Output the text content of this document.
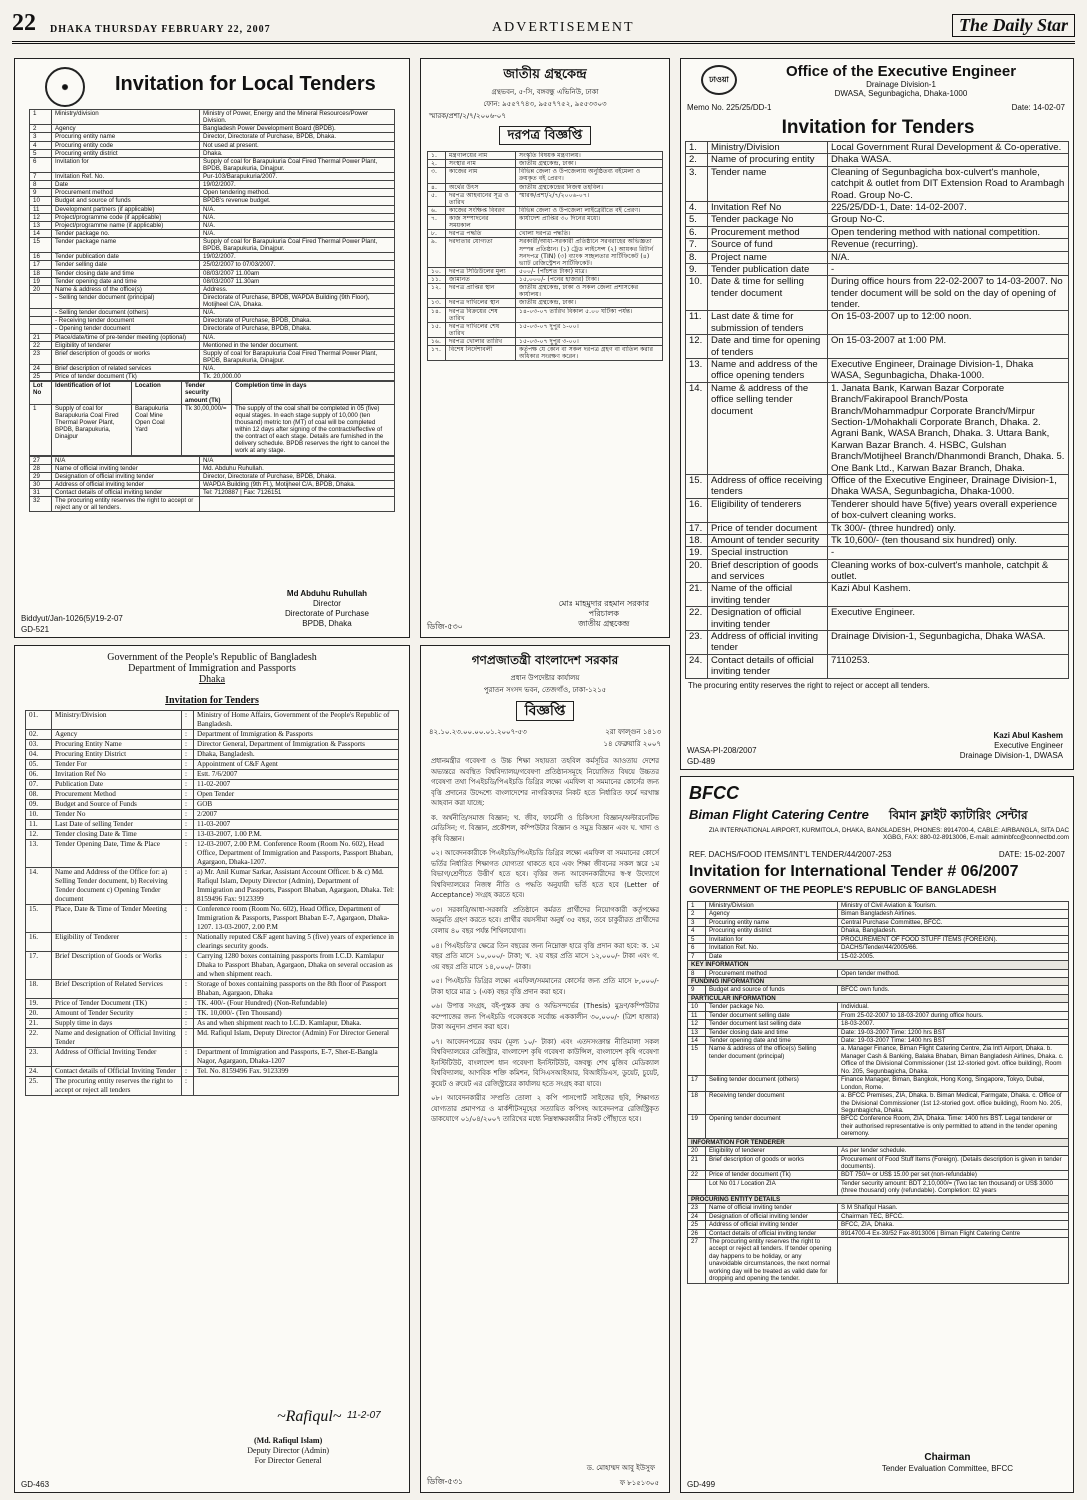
22 DHAKA THURSDAY FEBRUARY 22, 2007	ADVERTISEMENT	The Daily Star
✺	Invitation for Local Tenders
1	Ministry/division	Ministry of Power, Energy and the Mineral Resources/Power Division.
2	Agency	Bangladesh Power Development Board (BPDB).
3	Procuring entity name	Director, Directorate of Purchase, BPDB, Dhaka.
4	Procuring entity code	Not used at present.
5	Procuring entity district	Dhaka.
6	Invitation for	Supply of coal for Barapukuria Coal Fired Thermal Power Plant, BPDB, Barapukuria, Dinajpur.
7	Invitation Ref. No.	Pur-103/Barapukuria/2007.
8	Date	19/02/2007.
9	Procurement method	Open tendering method.
10	Budget and source of funds	BPDB's revenue budget.
11	Development partners (if applicable)	N/A.
12	Project/programme code (if applicable)	N/A.
13	Project/programme name (if applicable)	N/A.
14	Tender package no.	N/A.
15	Tender package name	Supply of coal for Barapukuria Coal Fired Thermal Power Plant, BPDB, Barapukuria, Dinajpur.
16	Tender publication date	19/02/2007.
17	Tender selling date	25/02/2007 to 07/03/2007.
18	Tender closing date and time	08/03/2007 11.00am
19	Tender opening date and time	08/03/2007 11.30am
20	Name & address of the office(s)	Address.
	- Selling tender document (principal)	Directorate of Purchase, BPDB, WAPDA Building (9th Floor), Motijheel C/A, Dhaka.
	- Selling tender document (others)	N/A.
	- Receiving tender document	Directorate of Purchase, BPDB, Dhaka.
	- Opening tender document	Directorate of Purchase, BPDB, Dhaka.
21	Place/date/time of pre-tender meeting (optional)	N/A.
22	Eligibility of tenderer	Mentioned in the tender document.
23	Brief description of goods or works	Supply of coal for Barapukuria Coal Fired Thermal Power Plant, BPDB, Barapukuria, Dinajpur.
24	Brief description of related services	N/A.
25	Price of tender document (Tk)	Tk. 20,000.00
Lot No	Identification of lot	Location	Tender security amount (Tk)	Completion time in days
1	Supply of coal for Barapukuria Coal Fired Thermal Power Plant, BPDB, Barapukuria, Dinajpur	Barapukuria Coal Mine Open Coal Yard	Tk 30,00,000/=	The supply of the coal shall be completed in 05 (five) equal stages. In each stage supply of 10,000 (ten thousand) metric ton (MT) of coal will be completed within 12 days after signing of the contract/effective of the contract of each stage. Details are furnished in the delivery schedule. BPDB reserves the right to cancel the work at any stage.
27	N/A	N/A
28	Name of official inviting tender	Md. Abduhu Ruhullah.
29	Designation of official inviting tender	Director, Directorate of Purchase, BPDB, Dhaka.
30	Address of official inviting tender	WAPDA Building (9th Fl.), Motijheel C/A, BPDB, Dhaka.
31	Contact details of official inviting tender	Tel: 7120887 | Fax: 7126151
32	The procuring entity reserves the right to accept or reject any or all tenders.	
Md Abduhu Ruhullah
Director
Directorate of Purchase
BPDB, Dhaka
Biddyut/Jan-1026(5)/19-2-07
GD-521
জাতীয় গ্রন্থকেন্দ্র
গ্রন্থভবন, ৫-সি, বঙ্গবন্ধু এভিনিউ, ঢাকা
ফোন: ৯৫৫৭৭৪৩, ৯৫৫৭৭৫২, ৯৫৫৩৩০৩
স্মারক/প্রশা/২/৭/২০০৬-০৭
দরপত্র বিজ্ঞপ্তি
১.	মন্ত্রণালয়ের নাম	সংস্কৃতি বিষয়ক মন্ত্রণালয়।
২.	সংস্থার নাম	জাতীয় গ্রন্থকেন্দ্র, ঢাকা।
৩.	কাজের নাম	বিভিন্ন জেলা ও উপজেলায় অনুষ্ঠিতব্য বইমেলা ও ক্রয়কৃত বই প্রেরণ।
৪.	অর্থের উৎস	জাতীয় গ্রন্থকেন্দ্রের নিজস্ব তহবিল।
৫.	দরপত্র আহবানের সূত্র ও তারিখ	স্মারক/প্রশা/২/৭/২০০৬-০৭।
৬.	কাজের সংক্ষিপ্ত বিবরণ	বিভিন্ন জেলা ও উপজেলা লাইব্রেরীতে বই প্রেরণ।
৭.	কাজ সম্পাদনের সময়কাল	কার্যাদেশ প্রাপ্তির ৩০ দিনের মধ্যে।
৮.	দরপত্র পদ্ধতি	খোলা দরপত্র পদ্ধতি।
৯.	দরদাতার যোগ্যতা	সরকারী/আধা-সরকারী প্রতিষ্ঠানে সরবরাহের অভিজ্ঞতা সম্পন্ন প্রতিষ্ঠান। (১) ট্রেড লাইসেন্স (২) আয়কর রিটার্ন সনদপত্র (TIN) (৩) ব্যাংক সচ্ছলতার সার্টিফিকেট (৪) ভ্যাট রেজিস্ট্রেশন সার্টিফিকেট।
১০.	দরপত্র সিডিউলের মূল্য	৫০০/- (পাঁচশত টাকা) মাত্র।
১১.	জামানত	১৫,০০০/- (পনের হাজার) টাকা।
১২.	দরপত্র প্রাপ্তির স্থান	জাতীয় গ্রন্থকেন্দ্র, ঢাকা ও সকল জেলা প্রশাসকের কার্যালয়।
১৩.	দরপত্র দাখিলের স্থান	জাতীয় গ্রন্থকেন্দ্র, ঢাকা।
১৪.	দরপত্র বিক্রয়ের শেষ তারিখ	১৪-০৩-০৭ তারিখ বিকাল ৫.০০ ঘটিকা পর্যন্ত।
১৫.	দরপত্র দাখিলের শেষ তারিখ	১৫-০৩-০৭ দুপুর ১-০০।
১৬.	দরপত্র খোলার তারিখ	১৫-০৩-০৭ দুপুর ৩-০০।
১৭.	বিশেষ নির্দেশাবলী	কর্তৃপক্ষ যে কোন বা সকল দরপত্র গ্রহণ বা বাতিল করার অধিকার সংরক্ষণ করেন।
মোঃ মাহমুদার রহমান সরকার
পরিচালক
জাতীয় গ্রন্থকেন্দ্র
ডিজি-৫৩০
ঢাওয়া	Office of the Executive Engineer
Drainage Division-1
DWASA, Segunbagicha, Dhaka-1000
Memo No. 225/25/DD-1	Date: 14-02-07
Invitation for Tenders
1.	Ministry/Division	Local Government Rural Development & Co-operative.
2.	Name of procuring entity	Dhaka WASA.
3.	Tender name	Cleaning of Segunbagicha box-culvert's manhole, catchpit & outlet from DIT Extension Road to Arambagh Road. Group No-C.
4.	Invitation Ref No	225/25/DD-1, Date: 14-02-2007.
5.	Tender package No	Group No-C.
6.	Procurement method	Open tendering method with national competition.
7.	Source of fund	Revenue (recurring).
8.	Project name	N/A.
9.	Tender publication date	-
10.	Date & time for selling tender document	During office hours from 22-02-2007 to 14-03-2007. No tender document will be sold on the day of opening of tender.
11.	Last date & time for submission of tenders	On 15-03-2007 up to 12:00 noon.
12.	Date and time for opening of tenders	On 15-03-2007 at 1:00 PM.
13.	Name and address of the office opening tenders	Executive Engineer, Drainage Division-1, Dhaka WASA, Segunbagicha, Dhaka-1000.
14.	Name & address of the office selling tender document	1. Janata Bank, Karwan Bazar Corporate Branch/Fakirapool Branch/Posta Branch/Mohammadpur Corporate Branch/Mirpur Section-1/Mohakhali Corporate Branch, Dhaka. 2. Agrani Bank, WASA Branch, Dhaka. 3. Uttara Bank, Karwan Bazar Branch. 4. HSBC, Gulshan Branch/Motijheel Branch/Dhanmondi Branch, Dhaka. 5. One Bank Ltd., Karwan Bazar Branch, Dhaka.
15.	Address of office receiving tenders	Office of the Executive Engineer, Drainage Division-1, Dhaka WASA, Segunbagicha, Dhaka-1000.
16.	Eligibility of tenderers	Tenderer should have 5(five) years overall experience of box-culvert cleaning works.
17.	Price of tender document	Tk 300/- (three hundred) only.
18.	Amount of tender security	Tk 10,600/- (ten thousand six hundred) only.
19.	Special instruction	-
20.	Brief description of goods and services	Cleaning works of box-culvert's manhole, catchpit & outlet.
21.	Name of the official inviting tender	Kazi Abul Kashem.
22.	Designation of official inviting tender	Executive Engineer.
23.	Address of official inviting tender	Drainage Division-1, Segunbagicha, Dhaka WASA.
24.	Contact details of official inviting tender	7110253.
The procuring entity reserves the right to reject or accept all tenders.
Kazi Abul Kashem
Executive Engineer
Drainage Division-1, DWASA
WASA-PI-208/2007
GD-489
Government of the People's Republic of Bangladesh
Department of Immigration and Passports
Dhaka
Invitation for Tenders
01.	Ministry/Division	:	Ministry of Home Affairs, Government of the People's Republic of Bangladesh.
02.	Agency	:	Department of Immigration & Passports
03.	Procuring Entity Name	:	Director General, Department of Immigration & Passports
04.	Procuring Entity District	:	Dhaka, Bangladesh.
05.	Tender For	:	Appointment of C&F Agent
06.	Invitation Ref No	:	Estt. 7/6/2007
07.	Publication Date	:	11-02-2007
08.	Procurement Method	:	Open Tender
09.	Budget and Source of Funds	:	GOB
10.	Tender No	:	2/2007
11.	Last Date of selling Tender	:	11-03-2007
12.	Tender closing Date & Time	:	13-03-2007, 1.00 P.M.
13.	Tender Opening Date, Time & Place	:	12-03-2007, 2.00 P.M. Conference Room (Room No. 602), Head Office, Department of Immigration and Passports, Passport Bhaban, Agargaon, Dhaka-1207.
14.	Name and Address of the Office for: a) Selling Tender document, b) Receiving Tender document c) Opening Tender document	:	a) Mr. Anil Kumar Sarkar, Assistant Account Officer. b & c) Md. Rafiqul Islam, Deputy Director (Admin), Department of Immigration and Passports, Passport Bhaban, Agargaon, Dhaka. Tel: 8159496 Fax: 9123399
15.	Place, Date & Time of Tender Meeting	:	Conference room (Room No. 602), Head Office, Department of Immigration & Passports, Passport Bhaban E-7, Agargaon, Dhaka-1207. 13-03-2007, 2.00 P.M
16.	Eligibility of Tenderer	:	Nationally reputed C&F agent having 5 (five) years of experience in clearings security goods.
17.	Brief Description of Goods or Works	:	Carrying 1280 boxes containing passports from I.C.D. Kamlapur Dhaka to Passport Bhaban, Agargaon, Dhaka on several occasion as and when shipment reach.
18.	Brief Description of Related Services	:	Storage of boxes containing passports on the 8th floor of Passport Bhaban, Agargaon, Dhaka
19.	Price of Tender Document (TK)	:	TK. 400/- (Four Hundred) (Non-Refundable)
20.	Amount of Tender Security	:	TK. 10,000/- (Ten Thousand)
21.	Supply time in days	:	As and when shipment reach to I.C.D. Kamlapur, Dhaka.
22.	Name and designation of Official Inviting Tender	:	Md. Rafiqul Islam, Deputy Director (Admin) For Director General
23.	Address of Official Inviting Tender	:	Department of Immigration and Passports, E-7, Sher-E-Bangla Nagor, Agargaon, Dhaka-1207
24.	Contact details of Official Inviting Tender	:	Tel. No. 8159496 Fax. 9123399
25.	The procuring entity reserves the right to accept or reject all tenders	:	
~Rafiqul~ 11-2-07
(Md. Rafiqul Islam)
Deputy Director (Admin)
For Director General
GD-463
গণপ্রজাতন্ত্রী বাংলাদেশ সরকার
প্রধান উপদেষ্টার কার্যালয়
পুরাতন সংসদ ভবন, তেজগাঁও, ঢাকা-১২১৫
বিজ্ঞপ্তি
৪২.১০.২৩.০০.০০.০১.২০০৭-৫৩	২রা ফাল্গুন ১৪১৩
১৪ ফেব্রুয়ারি ২০০৭

প্রধানমন্ত্রীর গবেষণা ও উচ্চ শিক্ষা সহায়তা তহবিল কর্মসূচির আওতায় দেশের অভ্যন্তরে অবস্থিত বিশ্ববিদ্যালয়/গবেষণা প্রতিষ্ঠানসমূহে নিয়োজিত বিষয়ে উচ্চতর গবেষণা তথা পিএইচডি/পিএইচডি ডিগ্রির লক্ষ্যে এমফিল বা সমমানের কোর্সের জন্য বৃত্তি প্রদানের উদ্দেশ্যে বাংলাদেশের নাগরিকদের নিকট হতে নির্ধারিত ফর্মে দরখাস্ত আহবান করা যাচ্ছে:

ক. অর্থনীতি/সমাজ বিজ্ঞান; খ. জীব, ফার্মেসী ও চিকিৎসা বিজ্ঞান/অল্টারনেটিভ মেডিসিন; গ. বিজ্ঞান, প্রকৌশল, কম্পিউটার বিজ্ঞান ও সমুদ্র বিজ্ঞান এবং ঘ. খাদ্য ও কৃষি বিজ্ঞান।

০২। আবেদনকারীকে পিএইচডি/পিএইচডি ডিগ্রির লক্ষ্যে এমফিল বা সমমানের কোর্সে ভর্তির নির্ধারিত শিক্ষাগত যোগ্যতা থাকতে হবে এবং শিক্ষা জীবনের সকল স্তরে ১ম বিভাগ/শ্রেণীতে উত্তীর্ণ হতে হবে। বৃত্তির জন্য আবেদনকারীদের স্ব-স্ব উদ্যোগে বিশ্ববিদ্যালয়ের নিজস্ব নীতি ও পদ্ধতি অনুযায়ী ভর্তি হতে হবে (Letter of Acceptance) সংগ্রহ করতে হবে।

০৩। সরকারি/আধা-সরকারি প্রতিষ্ঠানে কর্মরত প্রার্থীদের নিয়োগকারী কর্তৃপক্ষের অনুমতি গ্রহণ করতে হবে। প্রার্থীর বয়সসীমা অনুর্ধ ৩৫ বছর, তবে চাকুরীরত প্রার্থীদের বেলায় ৪০ বছর পর্যন্ত শিথিলযোগ্য।

০৪। পিএইচডি'র ক্ষেত্রে তিন বছরের জন্য নিম্নোক্ত হারে বৃত্তি প্রদান করা হবে: ক. ১ম বছর প্রতি মাসে ১০,০০০/- টাকা; খ. ২য় বছর প্রতি মাসে ১২,০০০/- টাকা এবং গ. ৩য় বছর প্রতি মাসে ১৪,০০০/- টাকা।

০৫। পিএইচডি ডিগ্রির লক্ষ্যে এমফিল/সমমানের কোর্সের জন্য প্রতি মাসে ৮,০০০/- টাকা হারে মাত্র ১ (এক) বছর বৃত্তি প্রদান করা হবে।

০৬। উপাত্ত সংগ্রহ, বই-পুস্তক ক্রয় ও অভিসন্দর্ভের (Thesis) মুদ্রণ/কম্পিউটার কম্পোজের জন্য পিএইচডি গবেষককে সর্বোচ্চ এককালীন ৩০,০০০/- (ত্রিশ হাজার) টাকা অনুদান প্রদান করা হবে।

০৭। আবেদনপত্রের ফরম (মূল্য ১০/- টাকা) এবং এতদসংক্রান্ত নীতিমালা সকল বিশ্ববিদ্যালয়ের রেজিস্ট্রার, বাংলাদেশ কৃষি গবেষণা কাউন্সিল, বাংলাদেশ কৃষি গবেষণা ইনস্টিটিউট, বাংলাদেশ ধান গবেষণা ইনস্টিটিউট, বঙ্গবন্ধু শেখ মুজিব মেডিক্যাল বিশ্ববিদ্যালয়, আণবিক শক্তি কমিশন, বিসিএসআইআর, বিআইডিএস, ডুয়েট, চুয়েট, কুয়েট ও রুয়েট এর রেজিস্ট্রারের কার্যালয় হতে সংগ্রহ করা যাবে।

০৮। আবেদনকারীর সম্প্রতি তোলা ২ কপি পাসপোর্ট সাইজের ছবি, শিক্ষাগত যোগ্যতার প্রমাণপত্র ও মার্কশীটসমূহের সত্যায়িত কপিসহ আবেদনপত্র রেজিস্ট্রিকৃত ডাকযোগে ০১/০৪/২০০৭ তারিখের মধ্যে নিম্নস্বাক্ষরকারীর নিকট পৌঁছাতে হবে।

ড. মোহাম্মদ আবু ইউসুফ
ডিজি-৫৩১	ফ ৮১৫১৩০৫
BFCC
Biman Flight Catering Centre বিমান ফ্লাইট ক্যাটারিং সেন্টার
ZIA INTERNATIONAL AIRPORT, KURMITOLA, DHAKA, BANGLADESH, PHONES: 8914700-4, CABLE: AIRBANGLA, SITA DAC XGBG, FAX: 880-02-8913006, E-mail: adminbfcc@connectbd.com
REF. DACHS/FOOD ITEMS/INT'L TENDER/44/2007-253	DATE: 15-02-2007
Invitation for International Tender # 06/2007
GOVERNMENT OF THE PEOPLE'S REPUBLIC OF BANGLADESH
1	Ministry/Division	Ministry of Civil Aviation & Tourism.
2	Agency	Biman Bangladesh Airlines.
3	Procuring entity name	Central Purchase Committee, BFCC.
4	Procuring entity district	Dhaka, Bangladesh.
5	Invitation for	PROCUREMENT OF FOOD STUFF ITEMS (FOREIGN).
6	Invitation Ref. No.	DACHS/Tender/44/2005/66.
7	Date	15-02-2005.
KEY INFORMATION		
8	Procurement method	Open tender method.
FUNDING INFORMATION		
9	Budget and source of funds	BFCC own funds.
PARTICULAR INFORMATION		
10	Tender package No.	Individual.
11	Tender document selling date	From 25-02-2007 to 18-03-2007 during office hours.
12	Tender document last selling date	18-03-2007.
13	Tender closing date and time	Date: 19-03-2007 Time: 1200 hrs BST
14	Tender opening date and time	Date: 19-03-2007 Time: 1400 hrs BST
15	Name & address of the office(s) Selling tender document (principal)	a. Manager Finance, Biman Flight Catering Centre, Zia Int'l Airport, Dhaka. b. Manager Cash & Banking, Balaka Bhaban, Biman Bangladesh Airlines, Dhaka. c. Office of the Divisional Commissioner (1st 12-storied govt. office building), Room No. 205, Segunbagicha, Dhaka.
17	Selling tender document (others)	Finance Manager, Biman, Bangkok, Hong Kong, Singapore, Tokyo, Dubai, London, Rome.
18	Receiving tender document	a. BFCC Premises, ZIA, Dhaka. b. Biman Medical, Farmgate, Dhaka. c. Office of the Divisional Commissioner (1st 12-storied govt. office building), Room No. 205, Segunbagicha, Dhaka.
19	Opening tender document	BFCC Conference Room, ZIA, Dhaka. Time: 1400 hrs BST. Legal tenderer or their authorised representative is only permitted to attend in the tender opening ceremony.
INFORMATION FOR TENDERER		
20	Eligibility of tenderer	As per tender schedule.
21	Brief description of goods or works	Procurement of Food Stuff Items (Foreign). (Details description is given in tender documents).
22	Price of tender document (Tk)	BDT 750/= or US$ 15.00 per set (non-refundable)
	Lot No 01 / Location ZIA	Tender security amount: BDT 2,10,000/= (Two lac ten thousand) or US$ 3000 (three thousand) only (refundable). Completion: 02 years
PROCURING ENTITY DETAILS		
23	Name of official inviting tender	S M Shafiqul Hasan.
24	Designation of official inviting tender	Chairman TEC, BFCC.
25	Address of official inviting tender	BFCC, ZIA, Dhaka.
26	Contact details of official inviting tender	8914700-4 Ex-39/52 Fax-8913006 | Biman Flight Catering Centre
27	The procuring entity reserves the right to accept or reject all tenders. If tender opening day happens to be holiday, or any unavoidable circumstances, the next normal working day will be treated as valid date for dropping and opening the tender.	
Chairman
Tender Evaluation Committee, BFCC
GD-499
